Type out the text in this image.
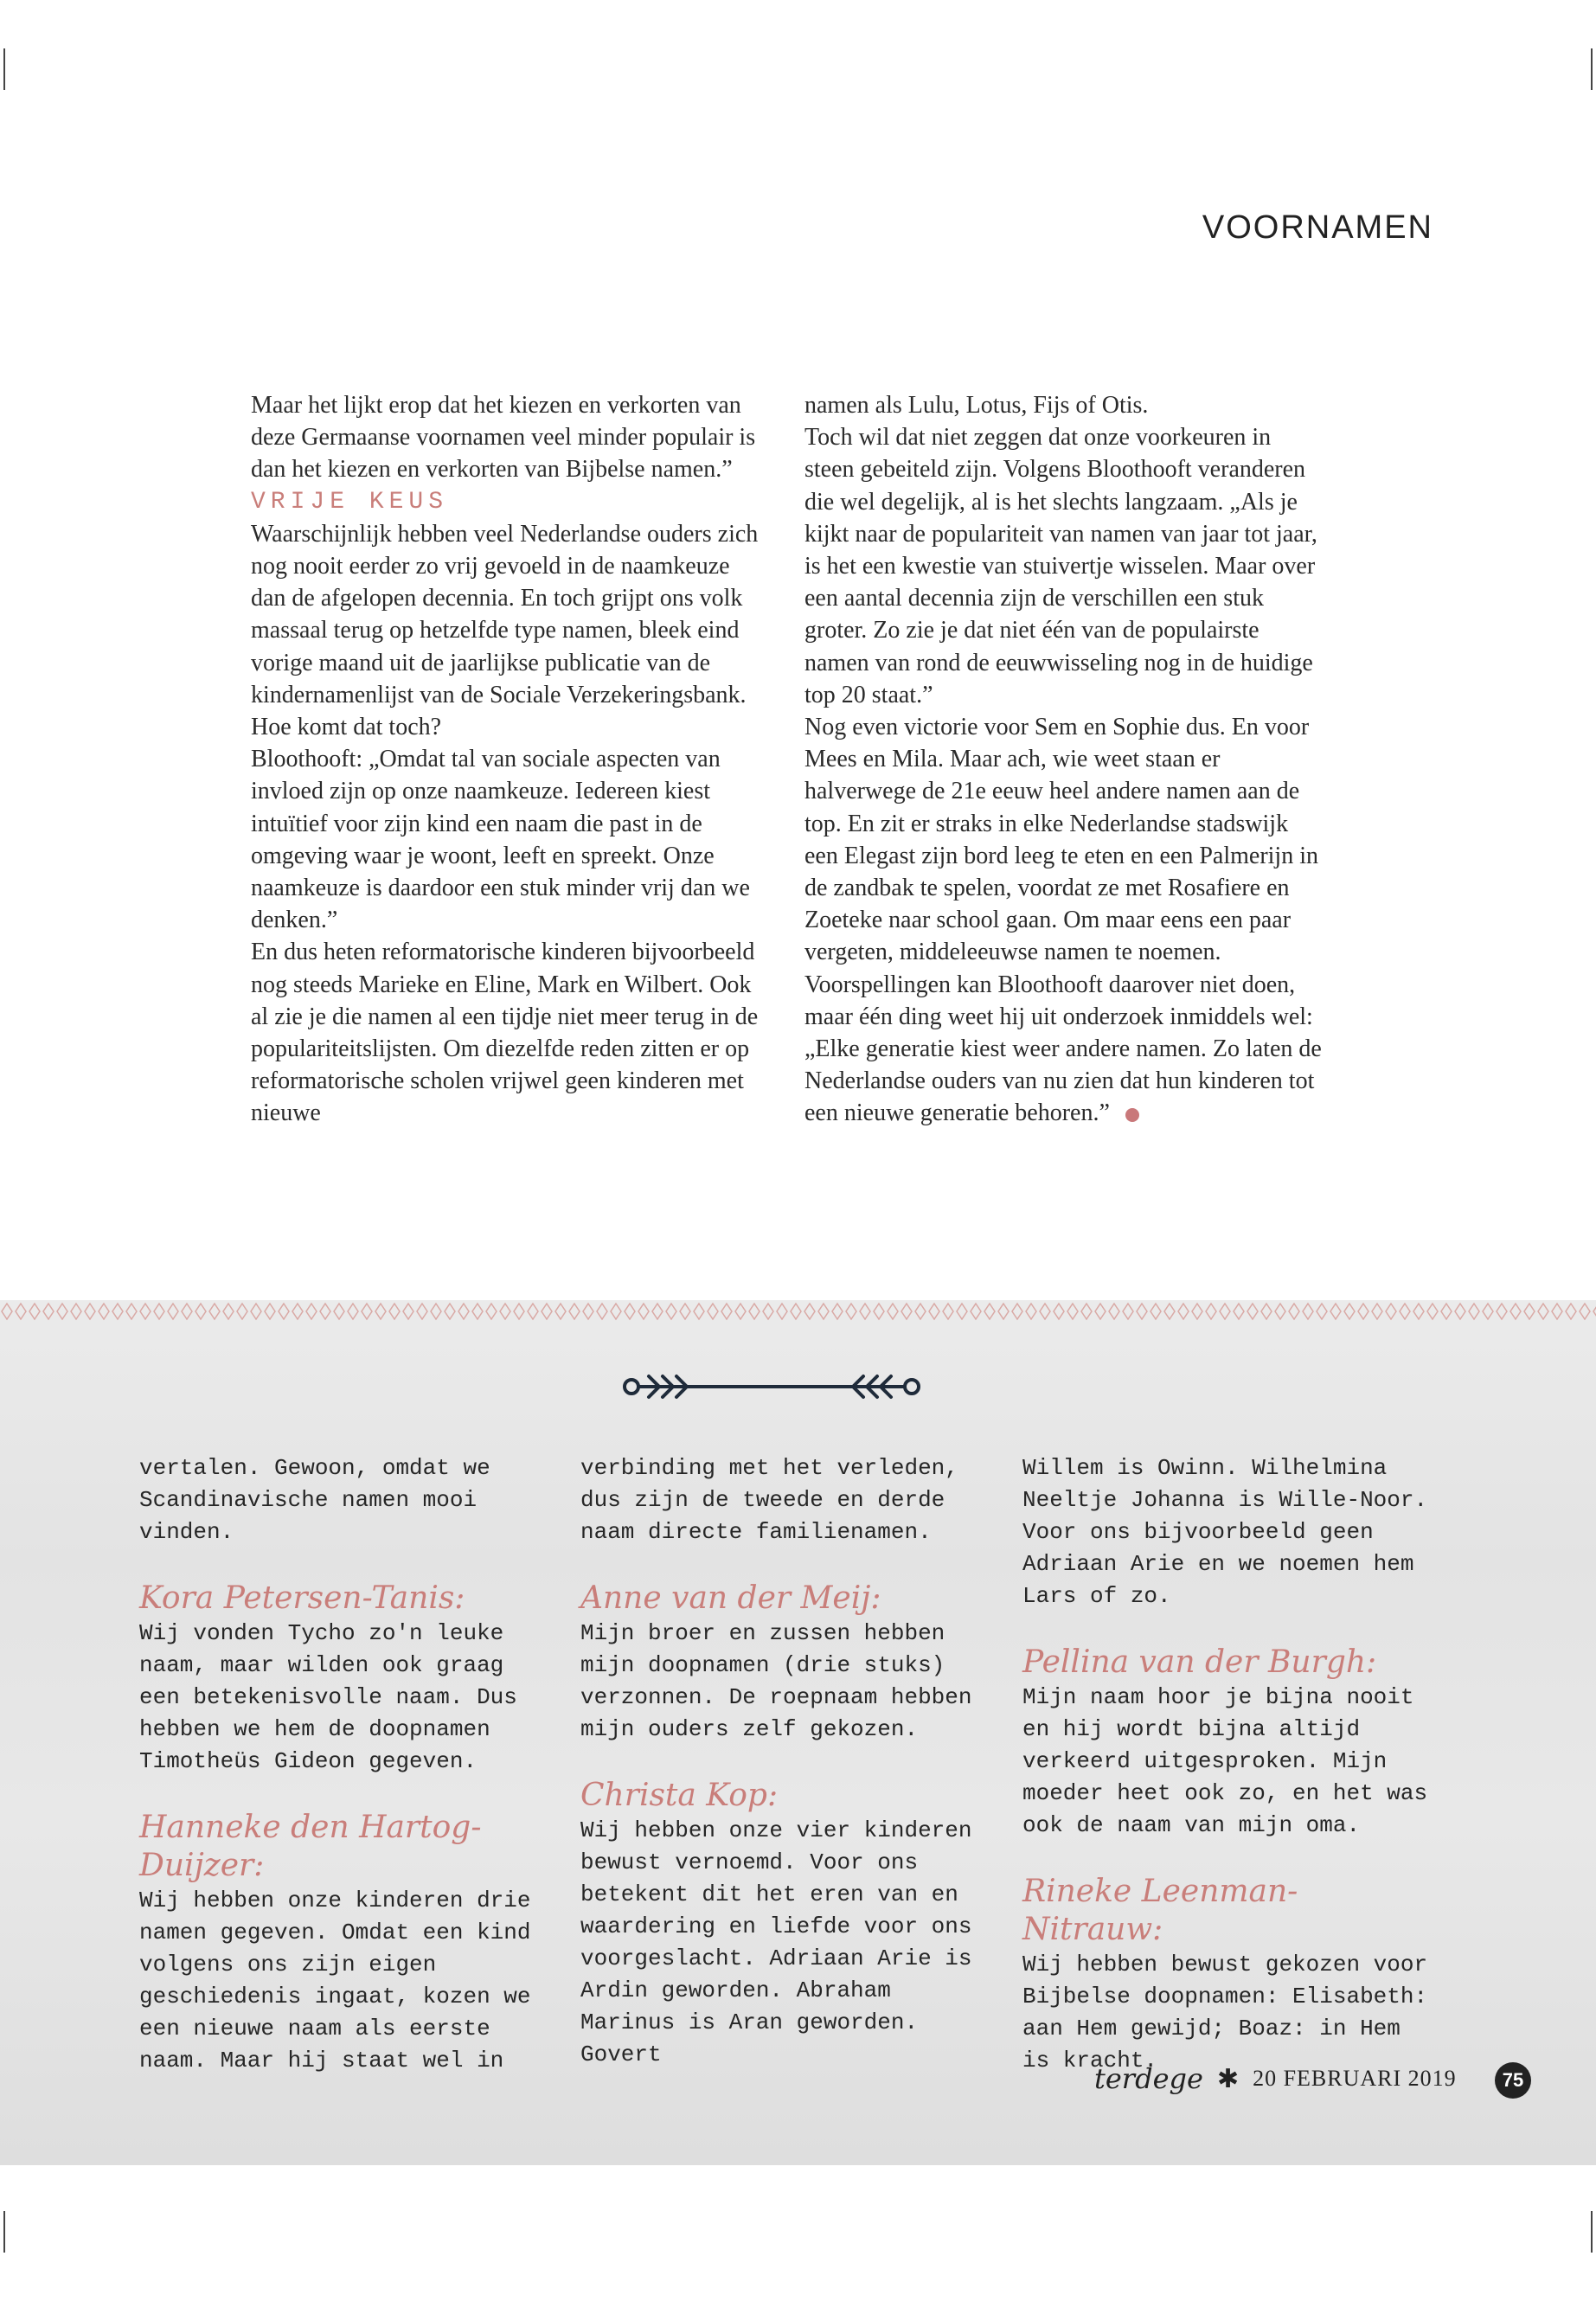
VOORNAMEN

Maar het lijkt erop dat het kiezen en verkorten van deze Germaanse voornamen veel minder populair is dan het kiezen en verkorten van Bijbelse namen.”

VRIJE KEUS

Waarschijnlijk hebben veel Nederlandse ouders zich nog nooit eerder zo vrij gevoeld in de naamkeuze dan de afgelopen decennia. En toch grijpt ons volk massaal terug op hetzelfde type namen, bleek eind vorige maand uit de jaarlijkse publicatie van de kindernamenlijst van de Sociale Verzekeringsbank. Hoe komt dat toch?

Bloothooft: „Omdat tal van sociale aspecten van invloed zijn op onze naamkeuze. Iedereen kiest intuïtief voor zijn kind een naam die past in de omgeving waar je woont, leeft en spreekt. Onze naamkeuze is daardoor een stuk minder vrij dan we denken.”

En dus heten reformatorische kinderen bijvoorbeeld nog steeds Marieke en Eline, Mark en Wilbert. Ook al zie je die namen al een tijdje niet meer terug in de populariteitslijsten. Om diezelfde reden zitten er op reformatorische scholen vrijwel geen kinderen met nieuwe

namen als Lulu, Lotus, Fijs of Otis.

Toch wil dat niet zeggen dat onze voorkeuren in steen gebeiteld zijn. Volgens Bloothooft veranderen die wel degelijk, al is het slechts langzaam. „Als je kijkt naar de populariteit van namen van jaar tot jaar, is het een kwestie van stuivertje wisselen. Maar over een aantal decennia zijn de verschillen een stuk groter. Zo zie je dat niet één van de populairste namen van rond de eeuwwisseling nog in de huidige top 20 staat.”

Nog even victorie voor Sem en Sophie dus. En voor Mees en Mila. Maar ach, wie weet staan er halverwege de 21e eeuw heel andere namen aan de top. En zit er straks in elke Nederlandse stadswijk een Elegast zijn bord leeg te eten en een Palmerijn in de zandbak te spelen, voordat ze met Rosafiere en Zoeteke naar school gaan. Om maar eens een paar vergeten, middeleeuwse namen te noemen. Voorspellingen kan Bloothooft daarover niet doen, maar één ding weet hij uit onderzoek inmiddels wel: „Elke generatie kiest weer andere namen. Zo laten de Nederlandse ouders van nu zien dat hun kinderen tot een nieuwe generatie behoren.”

vertalen. Gewoon, omdat we Scandinavische namen mooi vinden.

Kora Petersen-Tanis:

Wij vonden Tycho zo'n leuke naam, maar wilden ook graag een betekenisvolle naam. Dus hebben we hem de doopnamen Timotheüs Gideon gegeven.

Hanneke den Hartog-Duijzer:

Wij hebben onze kinderen drie namen gegeven. Omdat een kind volgens ons zijn eigen geschiedenis ingaat, kozen we een nieuwe naam als eerste naam. Maar hij staat wel in

verbinding met het verleden, dus zijn de tweede en derde naam directe familienamen.

Anne van der Meij:

Mijn broer en zussen hebben mijn doopnamen (drie stuks) verzonnen. De roepnaam hebben mijn ouders zelf gekozen.

Christa Kop:

Wij hebben onze vier kinderen bewust vernoemd. Voor ons betekent dit het eren van en waardering en liefde voor ons voorgeslacht. Adriaan Arie is Ardin geworden. Abraham Marinus is Aran geworden. Govert

Willem is Owinn. Wilhelmina Neeltje Johanna is Wille-Noor. Voor ons bijvoorbeeld geen Adriaan Arie en we noemen hem Lars of zo.

Pellina van der Burgh:

Mijn naam hoor je bijna nooit en hij wordt bijna altijd verkeerd uitgesproken. Mijn moeder heet ook zo, en het was ook de naam van mijn oma.

Rineke Leenman-Nitrauw:

Wij hebben bewust gekozen voor Bijbelse doopnamen: Elisabeth: aan Hem gewijd; Boaz: in Hem is kracht.

terdege ✱ 20 FEBRUARI 2019	75
